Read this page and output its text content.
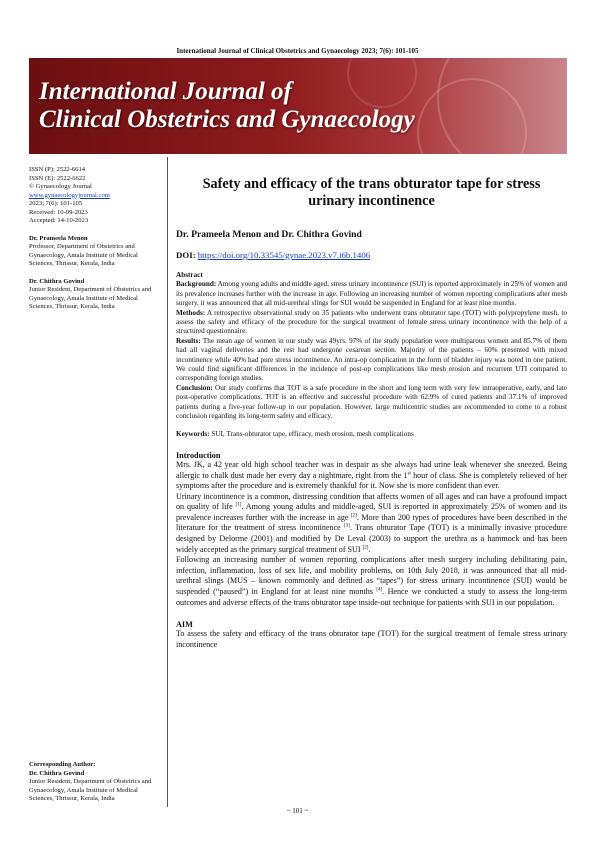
International Journal of Clinical Obstetrics and Gynaecology 2023; 7(6): 101-105
International Journal of
Clinical Obstetrics and Gynaecology
ISSN (P): 2522-6614
ISSN (E): 2522-6622
© Gynaecology Journal
www.gynaecologyjournal.com
2023; 7(6): 101-105
Received: 10-09-2023
Accepted: 14-10-2023
Dr. Prameela Menon
Professor, Department of Obstetrics and Gynaecology, Amala Institute of Medical Sciences, Thrissur, Kerala, India
Dr. Chithra Govind
Junior Resident, Department of Obstetrics and Gynaecology, Amala Institute of Medical Sciences, Thrissur, Kerala, India
Corresponding Author:
Dr. Chithra Govind
Junior Resident, Department of Obstetrics and Gynaecology, Amala Institute of Medical Sciences, Thrissur, Kerala, India
Safety and efficacy of the trans obturator tape for stress urinary incontinence
Dr. Prameela Menon and Dr. Chithra Govind
DOI: https://doi.org/10.33545/gynae.2023.v7.i6b.1406
Abstract
Background: Among young adults and middle aged, stress urinary incontinence (SUI) is reported approximately in 25% of women and its prevalence increases further with the increase in age. Following an increasing number of women reporting complications after mesh surgery, it was announced that all mid-urethral slings for SUI would be suspended in England for at least nine months.
Methods: A retrospective observational study on 35 patients who underwent trans obturator tape (TOT) with polypropylene mesh, to assess the safety and efficacy of the procedure for the surgical treatment of female stress urinary incontinence with the help of a structured questionnaire.
Results: The mean age of women in our study was 49yrs. 97% of the study population were multiparous women and 85.7% of them had all vaginal deliveries and the rest had undergone cesarean section. Majority of the patients – 60% presented with mixed incontinence while 40% had pure stress incontinence. An intra-op complication in the form of bladder injury was noted in one patient. We could find significant differences in the incidence of post-op complications like mesh erosion and recurrent UTI compared to corresponding foreign studies.
Conclusion: Our study confirms that TOT is a safe procedure in the short and long term with very few intraoperative, early, and late post-operative complications. TOT is an effective and successful procedure with 62.9% of cured patients and 37.1% of improved patients during a five-year follow-up in our population. However, large multicentric studies are recommended to come to a robust conclusion regarding its long-term safety and efficacy.
Keywords: SUI, Trans-obturator tape, efficacy, mesh erosion, mesh complications
Introduction
Mrs. JK, a 42 year old high school teacher was in despair as she always had urine leak whenever she sneezed. Being allergic to chalk dust made her every day a nightmare, right from the 1st hour of class. She is completely relieved of her symptoms after the procedure and is extremely thankful for it. Now she is more confident than ever.
Urinary incontinence is a common, distressing condition that affects women of all ages and can have a profound impact on quality of life [1]. Among young adults and middle-aged, SUI is reported in approximately 25% of women and its prevalence increases further with the increase in age [2]. More than 200 types of procedures have been described in the literature for the treatment of stress incontinence [3]. Trans obturator Tape (TOT) is a minimally invasive procedure designed by Delorme (2001) and modified by De Leval (2003) to support the urethra as a hammock and has been widely accepted as the primary surgical treatment of SUI [2].
Following an increasing number of women reporting complications after mesh surgery including debilitating pain, infection, inflammation, loss of sex life, and mobility problems, on 10th July 2018, it was announced that all mid-urethral slings (MUS – known commonly and defined as “tapes”) for stress urinary incontinence (SUI) would be suspended (“paused”) in England for at least nine months [4]. Hence we conducted a study to assess the long-term outcomes and adverse effects of the trans obturator tape inside-out technique for patients with SUI in our population.
AIM
To assess the safety and efficacy of the trans obturator tape (TOT) for the surgical treatment of female stress urinary incontinence
~ 101 ~
